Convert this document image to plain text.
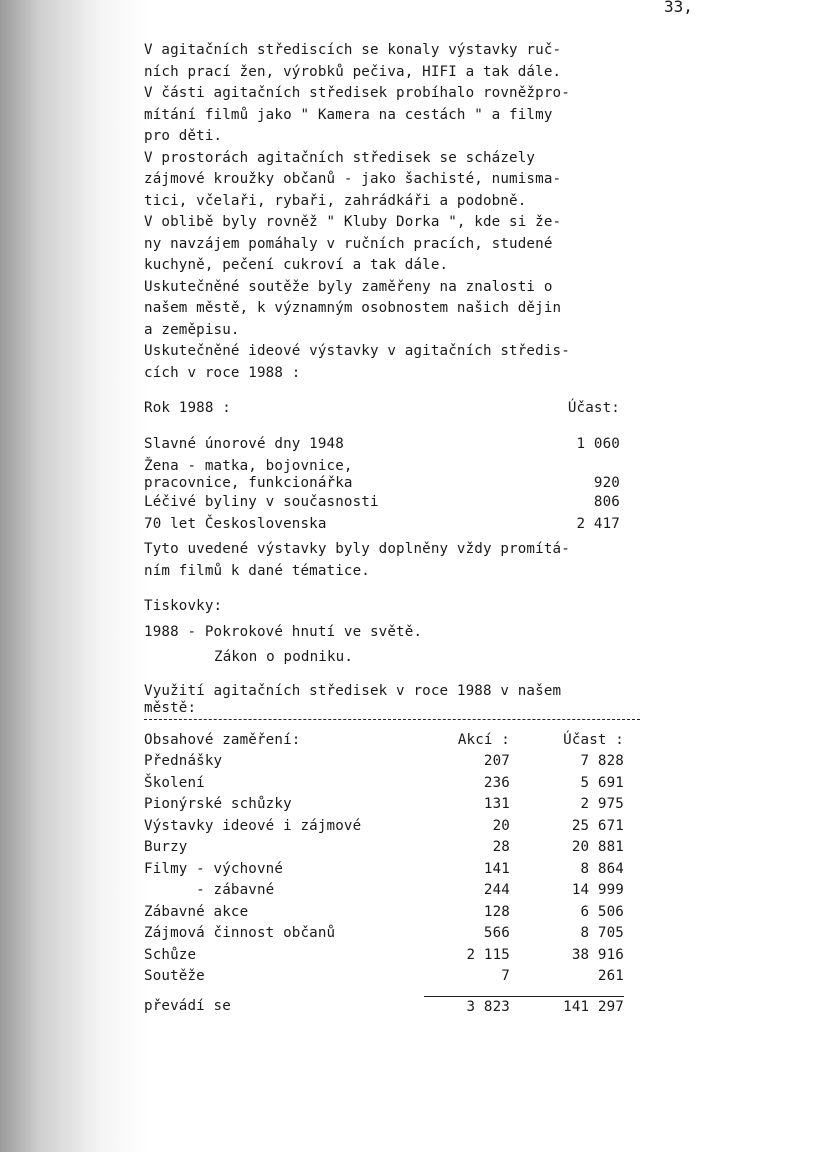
33,

V agitačních střediscích se konaly výstavky ruč-
ních prací žen, výrobků pečiva, HIFI a tak dále.
V části agitačních středisek probíhalo rovněžpro-
mítání filmů jako " Kamera na cestách " a filmy
pro děti.

V prostorách agitačních středisek se scházely
zájmové kroužky občanů - jako šachisté, numisma-
tici, včelaři, rybaři, zahrádkáři a podobně.

V oblibě byly rovněž " Kluby Dorka ", kde si že-
ny navzájem pomáhaly v ručních pracích, studené
kuchyně, pečení cukroví a tak dále.

Uskutečněné soutěže byly zaměřeny na znalosti o
našem městě, k významným osobnostem našich dějin
a zeměpisu.

Uskutečněné ideové výstavky v agitačních středis-
cích v roce 1988 :

Rok 1988 :	Účast:
Slavné únorové dny 1948	1 060
Žena - matka, bojovnice,
pracovnice, funkcionářka	920
Léčivé byliny v současnosti	806
70 let Československa	2 417

Tyto uvedené výstavky byly doplněny vždy promítá-
ním filmů k dané tématice.

Tiskovky:

1988 - Pokrokové hnutí ve světě.

Zákon o podniku.

Využití agitačních středisek v roce 1988 v našem
městě:

Obsahové zaměření:	Akcí :	Účast :
Přednášky	207	7 828
Školení	236	5 691
Pionýrské schůzky	131	2 975
Výstavky ideové i zájmové	20	25 671
Burzy	28	20 881
Filmy - výchovné	141	8 864
- zábavné	244	14 999
Zábavné akce	128	6 506
Zájmová činnost občanů	566	8 705
Schůze	2 115	38 916
Soutěže	7	261
převádí se	3 823	141 297
